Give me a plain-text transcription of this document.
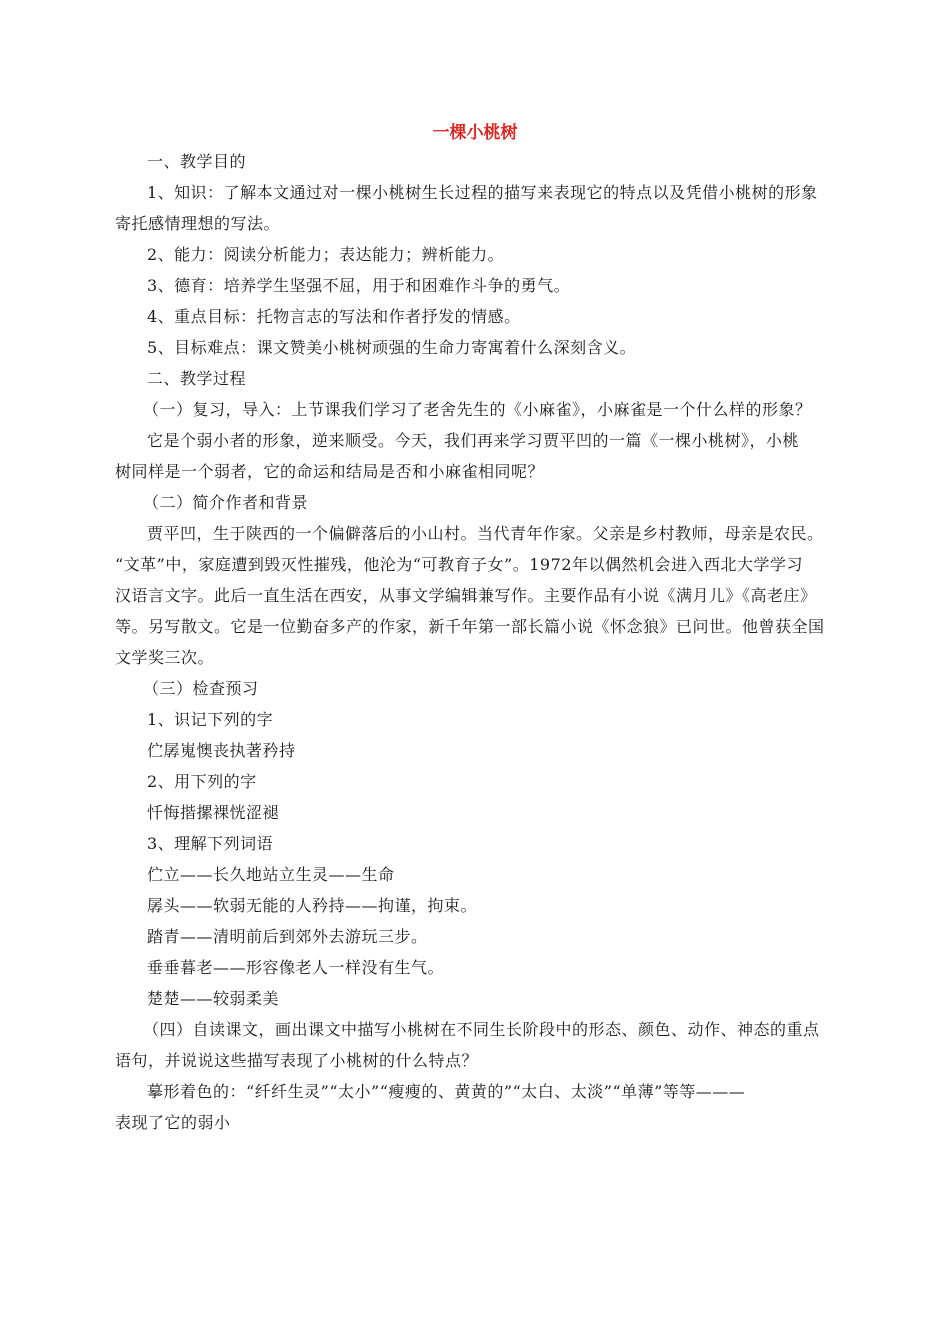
一棵小桃树

一、教学目的

1、知识：了解本文通过对一棵小桃树生长过程的描写来表现它的特点以及凭借小桃树的形象

寄托感情理想的写法。

2、能力：阅读分析能力；表达能力；辨析能力。

3、德育：培养学生坚强不屈，用于和困难作斗争的勇气。

4、重点目标：托物言志的写法和作者抒发的情感。

5、目标难点：课文赞美小桃树顽强的生命力寄寓着什么深刻含义。

二、教学过程

（一）复习，导入：上节课我们学习了老舍先生的《小麻雀》，小麻雀是一个什么样的形象？

它是个弱小者的形象，逆来顺受。今天，我们再来学习贾平凹的一篇《一棵小桃树》，小桃

树同样是一个弱者，它的命运和结局是否和小麻雀相同呢？

（二）简介作者和背景

贾平凹，生于陕西的一个偏僻落后的小山村。当代青年作家。父亲是乡村教师，母亲是农民。

“文革”中，家庭遭到毁灭性摧残，他沦为“可教育子女”。1972年以偶然机会进入西北大学学习

汉语言文字。此后一直生活在西安，从事文学编辑兼写作。主要作品有小说《满月儿》《高老庄》

等。另写散文。它是一位勤奋多产的作家，新千年第一部长篇小说《怀念狼》已问世。他曾获全国

文学奖三次。

（三）检查预习

1、识记下列的字

伫孱嵬懊丧执著矜持

2、用下列的字

忏悔揩摞裸恍涩褪

3、理解下列词语

伫立——长久地站立生灵——生命

孱头——软弱无能的人矜持——拘谨，拘束。

踏青——清明前后到郊外去游玩三步。

垂垂暮老——形容像老人一样没有生气。

楚楚——较弱柔美

（四）自读课文，画出课文中描写小桃树在不同生长阶段中的形态、颜色、动作、神态的重点

语句，并说说这些描写表现了小桃树的什么特点？

摹形着色的：“纤纤生灵”“太小”“瘦瘦的、黄黄的”“太白、太淡”“单薄”等等———

表现了它的弱小
